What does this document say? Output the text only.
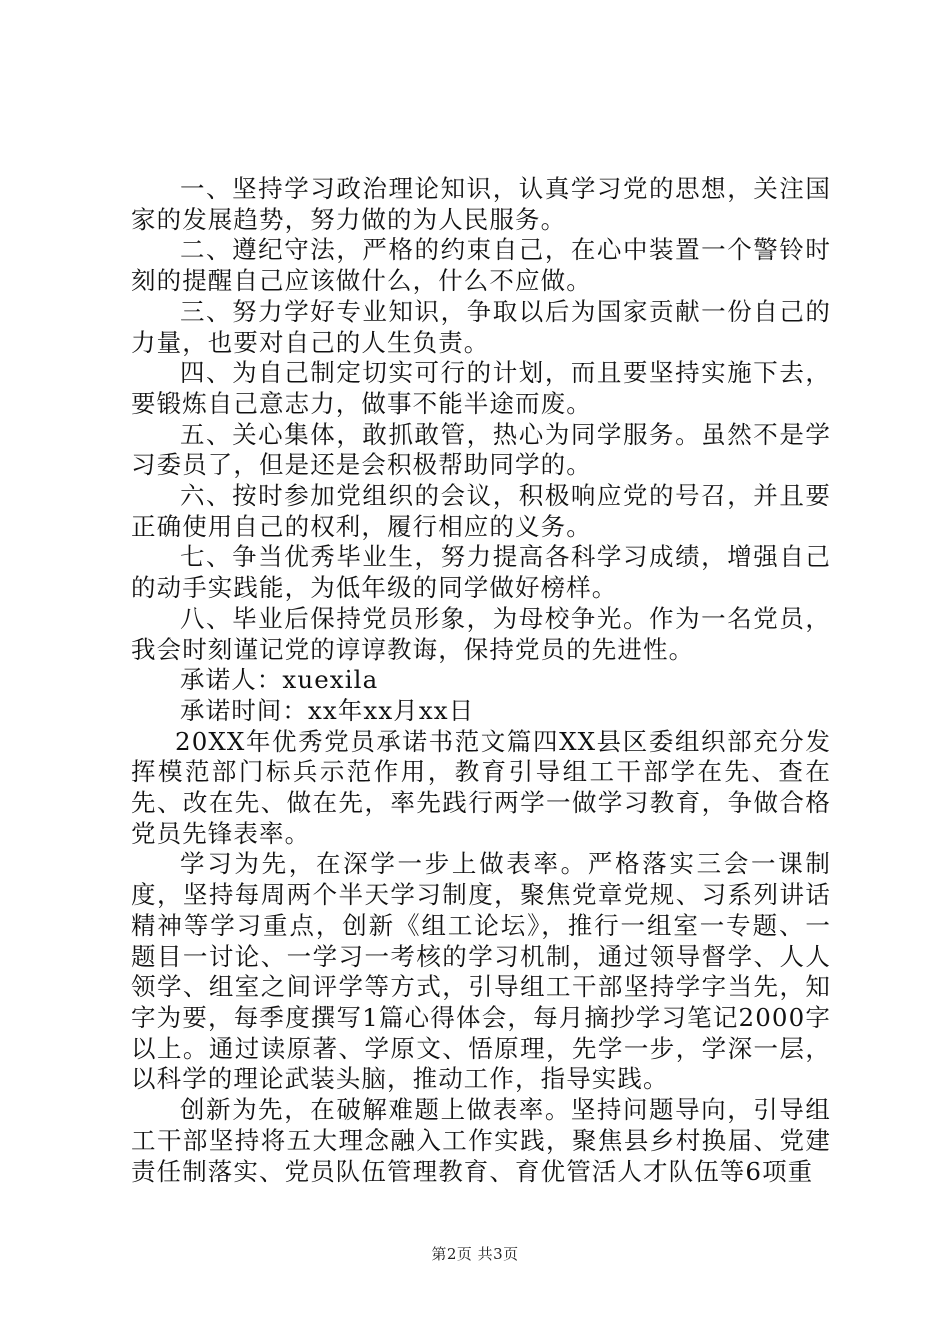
一、坚持学习政治理论知识，认真学习党的思想，关注国家的发展趋势，努力做的为人民服务。

二、遵纪守法，严格的约束自己，在心中装置一个警铃时刻的提醒自己应该做什么，什么不应做。

三、努力学好专业知识，争取以后为国家贡献一份自己的力量，也要对自己的人生负责。

四、为自己制定切实可行的计划，而且要坚持实施下去，要锻炼自己意志力，做事不能半途而废。

五、关心集体，敢抓敢管，热心为同学服务。虽然不是学习委员了，但是还是会积极帮助同学的。

六、按时参加党组织的会议，积极响应党的号召，并且要正确使用自己的权利，履行相应的义务。

七、争当优秀毕业生，努力提高各科学习成绩，增强自己的动手实践能，为低年级的同学做好榜样。

八、毕业后保持党员形象，为母校争光。作为一名党员，我会时刻谨记党的谆谆教诲，保持党员的先进性。

承诺人：xuexila

承诺时间：xx年xx月xx日

20XX年优秀党员承诺书范文篇四XX县区委组织部充分发挥模范部门标兵示范作用，教育引导组工干部学在先、查在先、改在先、做在先，率先践行两学一做学习教育，争做合格党员先锋表率。

学习为先，在深学一步上做表率。严格落实三会一课制度，坚持每周两个半天学习制度，聚焦党章党规、习系列讲话精神等学习重点，创新《组工论坛》，推行一组室一专题、一题目一讨论、一学习一考核的学习机制，通过领导督学、人人领学、组室之间评学等方式，引导组工干部坚持学字当先，知字为要，每季度撰写1篇心得体会，每月摘抄学习笔记2000字以上。通过读原著、学原文、悟原理，先学一步，学深一层，以科学的理论武装头脑，推动工作，指导实践。

创新为先，在破解难题上做表率。坚持问题导向，引导组工干部坚持将五大理念融入工作实践，聚焦县乡村换届、党建责任制落实、党员队伍管理教育、育优管活人才队伍等6项重

第2页 共3页
